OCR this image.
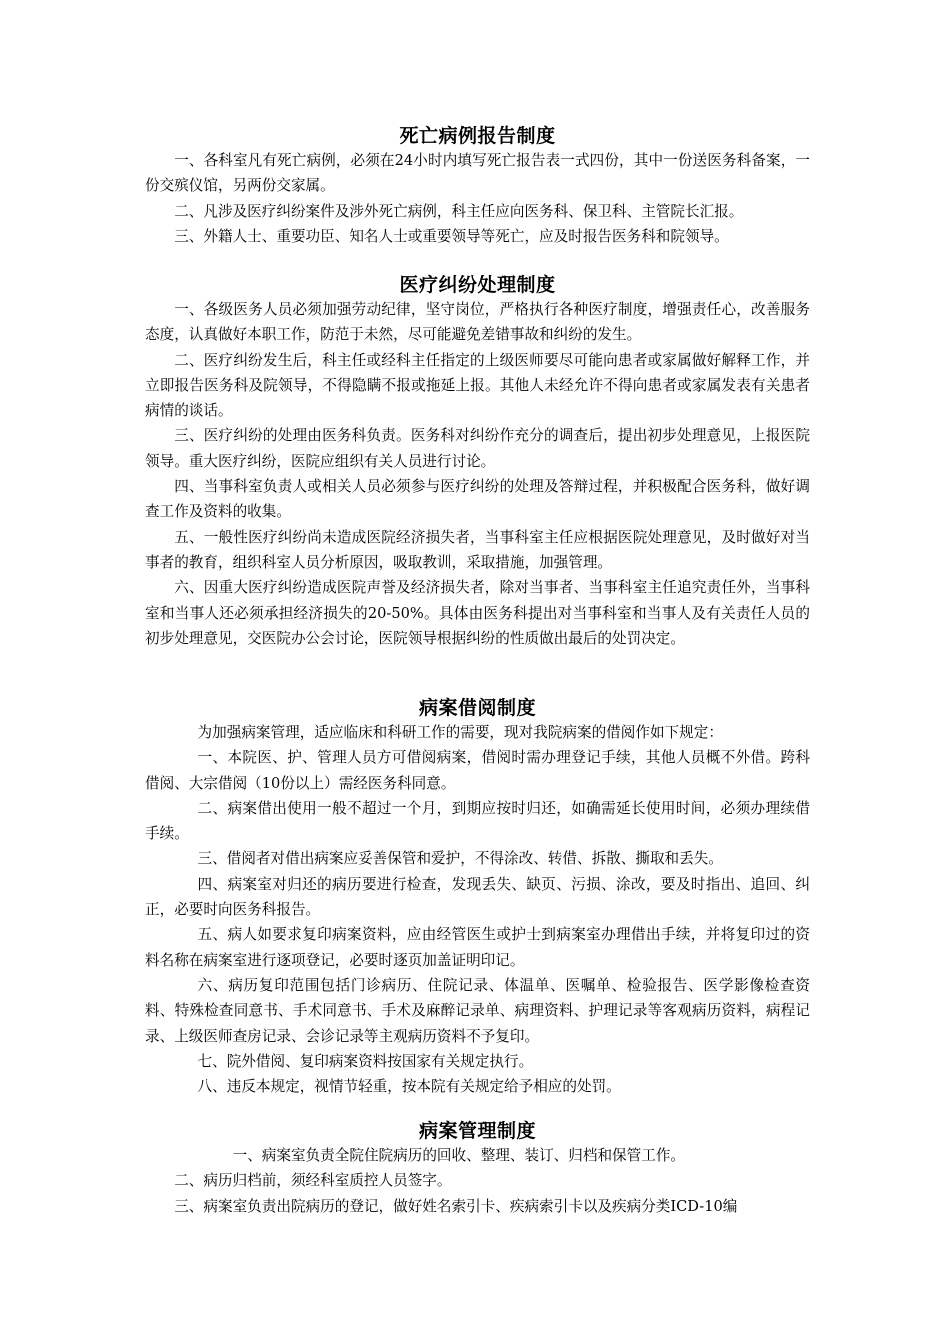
死亡病例报告制度

一、各科室凡有死亡病例，必须在24小时内填写死亡报告表一式四份，其中一份送医务科备案，一份交殡仪馆，另两份交家属。

二、凡涉及医疗纠纷案件及涉外死亡病例，科主任应向医务科、保卫科、主管院长汇报。

三、外籍人士、重要功臣、知名人士或重要领导等死亡，应及时报告医务科和院领导。

医疗纠纷处理制度

一、各级医务人员必须加强劳动纪律，坚守岗位，严格执行各种医疗制度，增强责任心，改善服务态度，认真做好本职工作，防范于未然，尽可能避免差错事故和纠纷的发生。

二、医疗纠纷发生后，科主任或经科主任指定的上级医师要尽可能向患者或家属做好解释工作，并立即报告医务科及院领导，不得隐瞒不报或拖延上报。其他人未经允许不得向患者或家属发表有关患者病情的谈话。

三、医疗纠纷的处理由医务科负责。医务科对纠纷作充分的调查后，提出初步处理意见，上报医院领导。重大医疗纠纷，医院应组织有关人员进行讨论。

四、当事科室负责人或相关人员必须参与医疗纠纷的处理及答辩过程，并积极配合医务科，做好调查工作及资料的收集。

五、一般性医疗纠纷尚未造成医院经济损失者，当事科室主任应根据医院处理意见，及时做好对当事者的教育，组织科室人员分析原因，吸取教训，采取措施，加强管理。

六、因重大医疗纠纷造成医院声誉及经济损失者，除对当事者、当事科室主任追究责任外，当事科室和当事人还必须承担经济损失的20-50%。具体由医务科提出对当事科室和当事人及有关责任人员的初步处理意见，交医院办公会讨论，医院领导根据纠纷的性质做出最后的处罚决定。

病案借阅制度

为加强病案管理，适应临床和科研工作的需要，现对我院病案的借阅作如下规定：

一、本院医、护、管理人员方可借阅病案，借阅时需办理登记手续，其他人员概不外借。跨科借阅、大宗借阅（10份以上）需经医务科同意。

二、病案借出使用一般不超过一个月，到期应按时归还，如确需延长使用时间，必须办理续借手续。

三、借阅者对借出病案应妥善保管和爱护，不得涂改、转借、拆散、撕取和丢失。

四、病案室对归还的病历要进行检查，发现丢失、缺页、污损、涂改，要及时指出、追回、纠正，必要时向医务科报告。

五、病人如要求复印病案资料，应由经管医生或护士到病案室办理借出手续，并将复印过的资料名称在病案室进行逐项登记，必要时逐页加盖证明印记。

六、病历复印范围包括门诊病历、住院记录、体温单、医嘱单、检验报告、医学影像检查资料、特殊检查同意书、手术同意书、手术及麻醉记录单、病理资料、护理记录等客观病历资料，病程记录、上级医师查房记录、会诊记录等主观病历资料不予复印。

七、院外借阅、复印病案资料按国家有关规定执行。

八、违反本规定，视情节轻重，按本院有关规定给予相应的处罚。

病案管理制度

一、病案室负责全院住院病历的回收、整理、装订、归档和保管工作。

二、病历归档前，须经科室质控人员签字。

三、病案室负责出院病历的登记，做好姓名索引卡、疾病索引卡以及疾病分类ICD-10编
